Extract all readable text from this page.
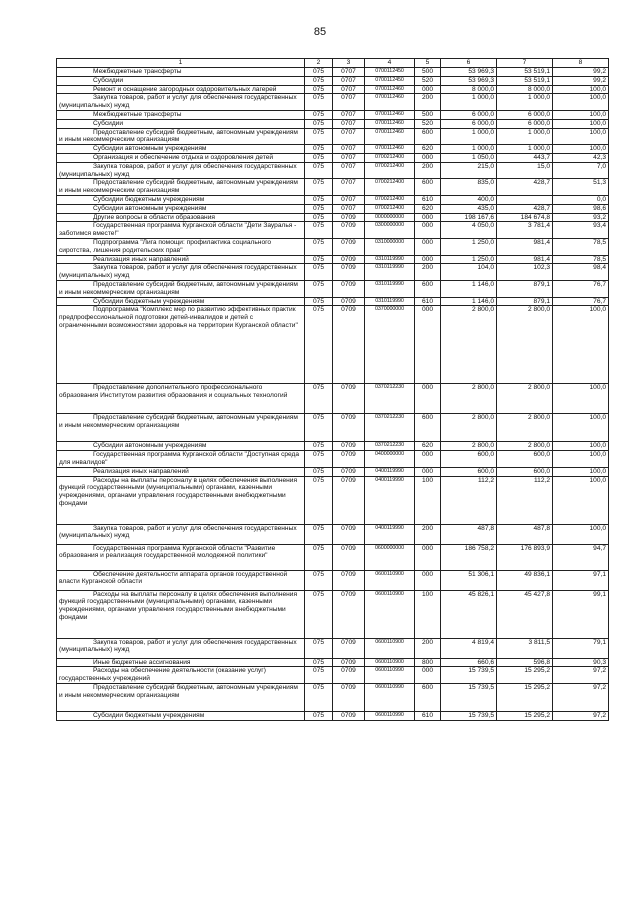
85
1	2	3	4	5	6	7	8
Межбюджетные трансферты	075	0707	0700112450	500	53 969,3	53 519,1	99,2
Субсидии	075	0707	0700112450	520	53 969,3	53 519,1	99,2
Ремонт и оснащение загородных оздоровительных лагерей	075	0707	0700112460	000	8 000,0	8 000,0	100,0
Закупка товаров, работ и услуг для обеспечения государственных (муниципальных) нужд	075	0707	0700112460	200	1 000,0	1 000,0	100,0
Межбюджетные трансферты	075	0707	0700112460	500	6 000,0	6 000,0	100,0
Субсидии	075	0707	0700112460	520	6 000,0	6 000,0	100,0
Предоставление субсидий бюджетным, автономным учреждениям и иным некоммерческим организациям	075	0707	0700112460	600	1 000,0	1 000,0	100,0
Субсидии автономным учреждениям	075	0707	0700112460	620	1 000,0	1 000,0	100,0
Организация и обеспечение отдыха и оздоровления детей	075	0707	0700212400	000	1 050,0	443,7	42,3
Закупка товаров, работ и услуг для обеспечения государственных (муниципальных) нужд	075	0707	0700212400	200	215,0	15,0	7,0
Предоставление субсидий бюджетным, автономным учреждениям и иным некоммерческим организациям	075	0707	0700212400	600	835,0	428,7	51,3
Субсидии бюджетным учреждениям	075	0707	0700212400	610	400,0		0,0
Субсидии автономным учреждениям	075	0707	0700212400	620	435,0	428,7	98,6
Другие вопросы в области образования	075	0709	0000000000	000	198 167,6	184 674,8	93,2
Государственная программа Курганской области "Дети Зауралья - заботимся вместе!"	075	0709	0300000000	000	4 050,0	3 781,4	93,4
Подпрограмма "Лига помощи: профилактика социального сиротства, лишения родительских прав"	075	0709	0310000000	000	1 250,0	981,4	78,5
Реализация иных направлений	075	0709	0310119990	000	1 250,0	981,4	78,5
Закупка товаров, работ и услуг для обеспечения государственных (муниципальных) нужд	075	0709	0310119990	200	104,0	102,3	98,4
Предоставление субсидий бюджетным, автономным учреждениям и иным некоммерческим организациям	075	0709	0310119990	600	1 146,0	879,1	76,7
Субсидии бюджетным учреждениям	075	0709	0310119990	610	1 146,0	879,1	76,7
Подпрограмма "Комплекс мер по развитию эффективных практик предпрофессиональной подготовки детей-инвалидов и детей с ограниченными возможностями здоровья на территории Курганской области"	075	0709	0370000000	000	2 800,0	2 800,0	100,0
Предоставление дополнительного профессионального образования Институтом развития образования и социальных технологий	075	0709	0370212230	000	2 800,0	2 800,0	100,0
Предоставление субсидий бюджетным, автономным учреждениям и иным некоммерческим организациям	075	0709	0370212230	600	2 800,0	2 800,0	100,0
Субсидии автономным учреждениям	075	0709	0370212230	620	2 800,0	2 800,0	100,0
Государственная программа Курганской области "Доступная среда для инвалидов"	075	0709	0400000000	000	600,0	600,0	100,0
Реализация иных направлений	075	0709	0400119990	000	600,0	600,0	100,0
Расходы на выплаты персоналу в целях обеспечения выполнения функций государственными (муниципальными) органами, казенными учреждениями, органами управления государственными внебюджетными фондами	075	0709	0400119990	100	112,2	112,2	100,0
Закупка товаров, работ и услуг для обеспечения государственных (муниципальных) нужд	075	0709	0400119990	200	487,8	487,8	100,0
Государственная программа Курганской области "Развитие образования и реализация государственной молодежной политики"	075	0709	0600000000	000	186 758,2	176 893,9	94,7
Обеспечение деятельности аппарата органов государственной власти Курганской области	075	0709	0600110900	000	51 306,1	49 836,1	97,1
Расходы на выплаты персоналу в целях обеспечения выполнения функций государственными (муниципальными) органами, казенными учреждениями, органами управления государственными внебюджетными фондами	075	0709	0600110900	100	45 826,1	45 427,8	99,1
Закупка товаров, работ и услуг для обеспечения государственных (муниципальных) нужд	075	0709	0600110900	200	4 819,4	3 811,5	79,1
Иные бюджетные ассигнования	075	0709	0600110900	800	660,6	596,8	90,3
Расходы на обеспечение деятельности (оказание услуг) государственных учреждений	075	0709	0600110990	000	15 739,5	15 295,2	97,2
Предоставление субсидий бюджетным, автономным учреждениям и иным некоммерческим организациям	075	0709	0600110990	600	15 739,5	15 295,2	97,2
Субсидии бюджетным учреждениям	075	0709	0600110990	610	15 739,5	15 295,2	97,2
